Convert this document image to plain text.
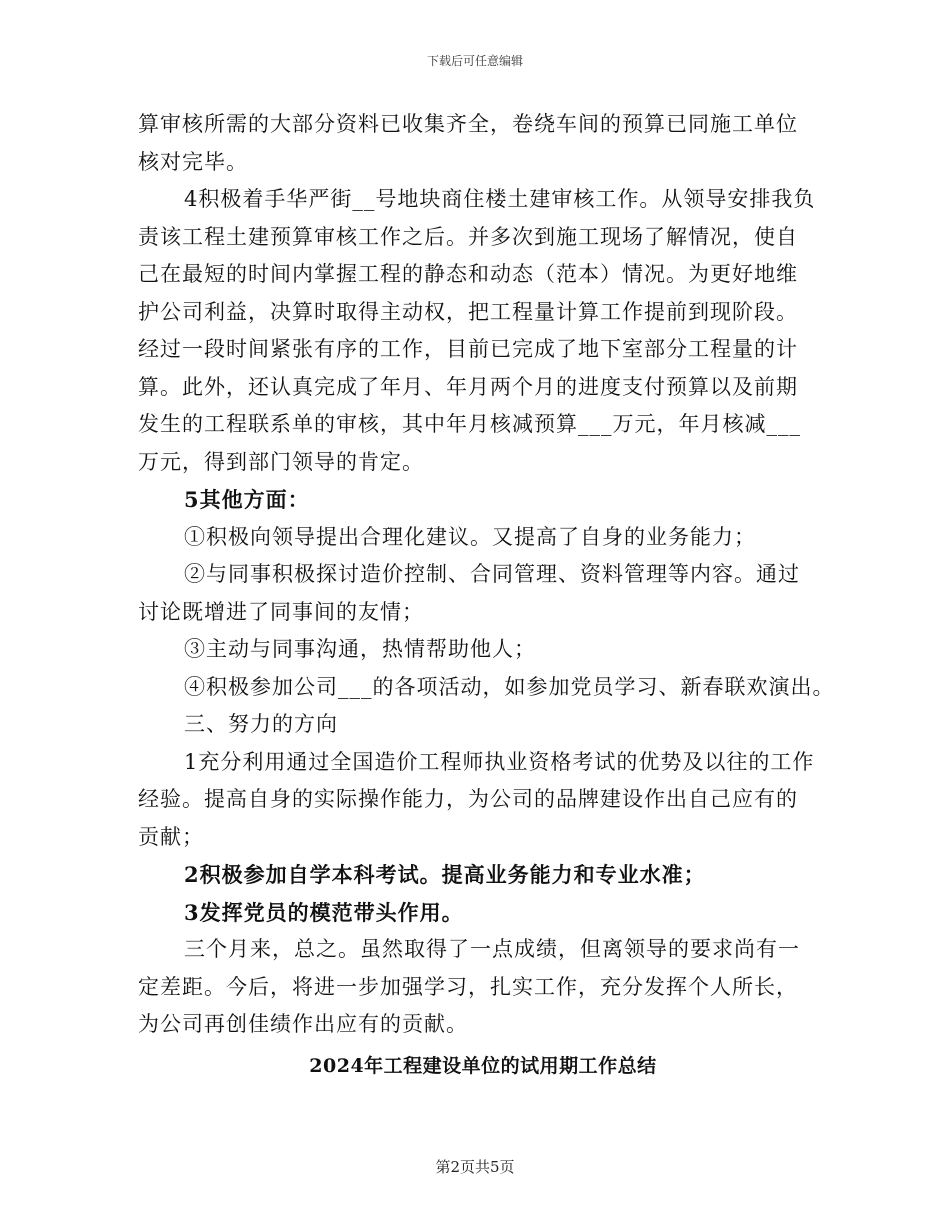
下载后可任意编辑
算审核所需的大部分资料已收集齐全，卷绕车间的预算已同施工单位
核对完毕。
4积极着手华严街__号地块商住楼土建审核工作。从领导安排我负
责该工程土建预算审核工作之后。并多次到施工现场了解情况，使自
己在最短的时间内掌握工程的静态和动态（范本）情况。为更好地维
护公司利益，决算时取得主动权，把工程量计算工作提前到现阶段。
经过一段时间紧张有序的工作，目前已完成了地下室部分工程量的计
算。此外，还认真完成了年月、年月两个月的进度支付预算以及前期
发生的工程联系单的审核，其中年月核减预算___万元，年月核减___
万元，得到部门领导的肯定。
5其他方面：
①积极向领导提出合理化建议。又提高了自身的业务能力；
②与同事积极探讨造价控制、合同管理、资料管理等内容。通过
讨论既增进了同事间的友情；
③主动与同事沟通，热情帮助他人；
④积极参加公司___的各项活动，如参加党员学习、新春联欢演出。
三、努力的方向
1充分利用通过全国造价工程师执业资格考试的优势及以往的工作
经验。提高自身的实际操作能力，为公司的品牌建设作出自己应有的
贡献；
2积极参加自学本科考试。提高业务能力和专业水准；
3发挥党员的模范带头作用。
三个月来，总之。虽然取得了一点成绩，但离领导的要求尚有一
定差距。今后，将进一步加强学习，扎实工作，充分发挥个人所长，
为公司再创佳绩作出应有的贡献。
2024年工程建设单位的试用期工作总结
第2页共5页
